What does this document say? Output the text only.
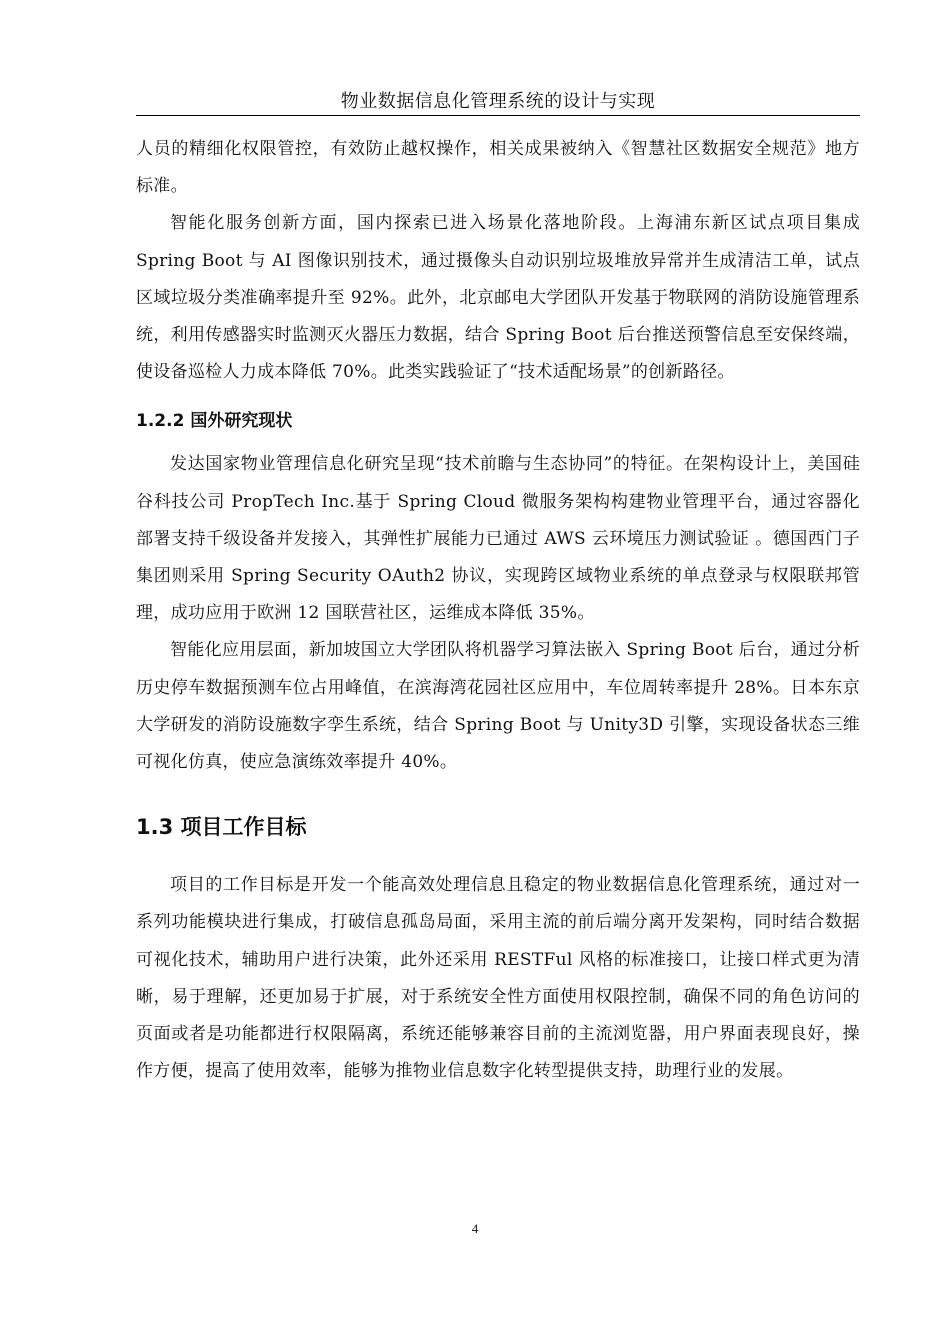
物业数据信息化管理系统的设计与实现

人员的精细化权限管控，有效防止越权操作，相关成果被纳入《智慧社区数据安全规范》地方标准。

智能化服务创新方面，国内探索已进入场景化落地阶段。上海浦东新区试点项目集成 Spring Boot 与 AI 图像识别技术，通过摄像头自动识别垃圾堆放异常并生成清洁工单，试点区域垃圾分类准确率提升至 92%。此外，北京邮电大学团队开发基于物联网的消防设施管理系统，利用传感器实时监测灭火器压力数据，结合 Spring Boot 后台推送预警信息至安保终端，使设备巡检人力成本降低 70%。此类实践验证了“技术适配场景”的创新路径。

1.2.2 国外研究现状

发达国家物业管理信息化研究呈现“技术前瞻与生态协同”的特征。在架构设计上，美国硅谷科技公司 PropTech Inc.基于 Spring Cloud 微服务架构构建物业管理平台，通过容器化部署支持千级设备并发接入，其弹性扩展能力已通过 AWS 云环境压力测试验证 。德国西门子集团则采用 Spring Security OAuth2 协议，实现跨区域物业系统的单点登录与权限联邦管理，成功应用于欧洲 12 国联营社区，运维成本降低 35%。

智能化应用层面，新加坡国立大学团队将机器学习算法嵌入 Spring Boot 后台，通过分析历史停车数据预测车位占用峰值，在滨海湾花园社区应用中，车位周转率提升 28%。日本东京大学研发的消防设施数字孪生系统，结合 Spring Boot 与 Unity3D 引擎，实现设备状态三维可视化仿真，使应急演练效率提升 40%。

1.3 项目工作目标

项目的工作目标是开发一个能高效处理信息且稳定的物业数据信息化管理系统，通过对一系列功能模块进行集成，打破信息孤岛局面，采用主流的前后端分离开发架构，同时结合数据可视化技术，辅助用户进行决策，此外还采用 RESTFul 风格的标准接口，让接口样式更为清晰，易于理解，还更加易于扩展，对于系统安全性方面使用权限控制，确保不同的角色访问的页面或者是功能都进行权限隔离，系统还能够兼容目前的主流浏览器，用户界面表现良好，操作方便，提高了使用效率，能够为推物业信息数字化转型提供支持，助理行业的发展。

4
